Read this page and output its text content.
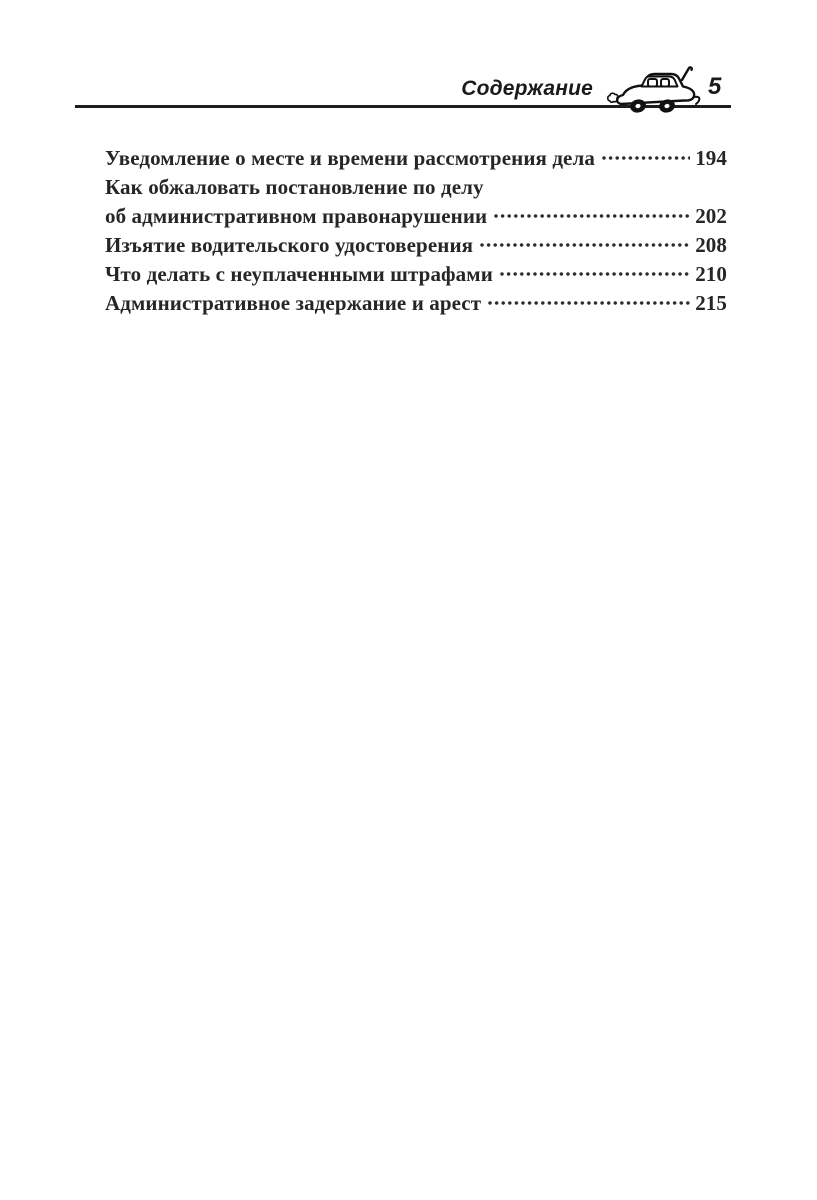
Содержание	5
Уведомление о месте и времени рассмотрения дела	194
Как обжаловать постановление по делу
об административном правонарушении	202
Изъятие водительского удостоверения	208
Что делать с неуплаченными штрафами	210
Административное задержание и арест	215
